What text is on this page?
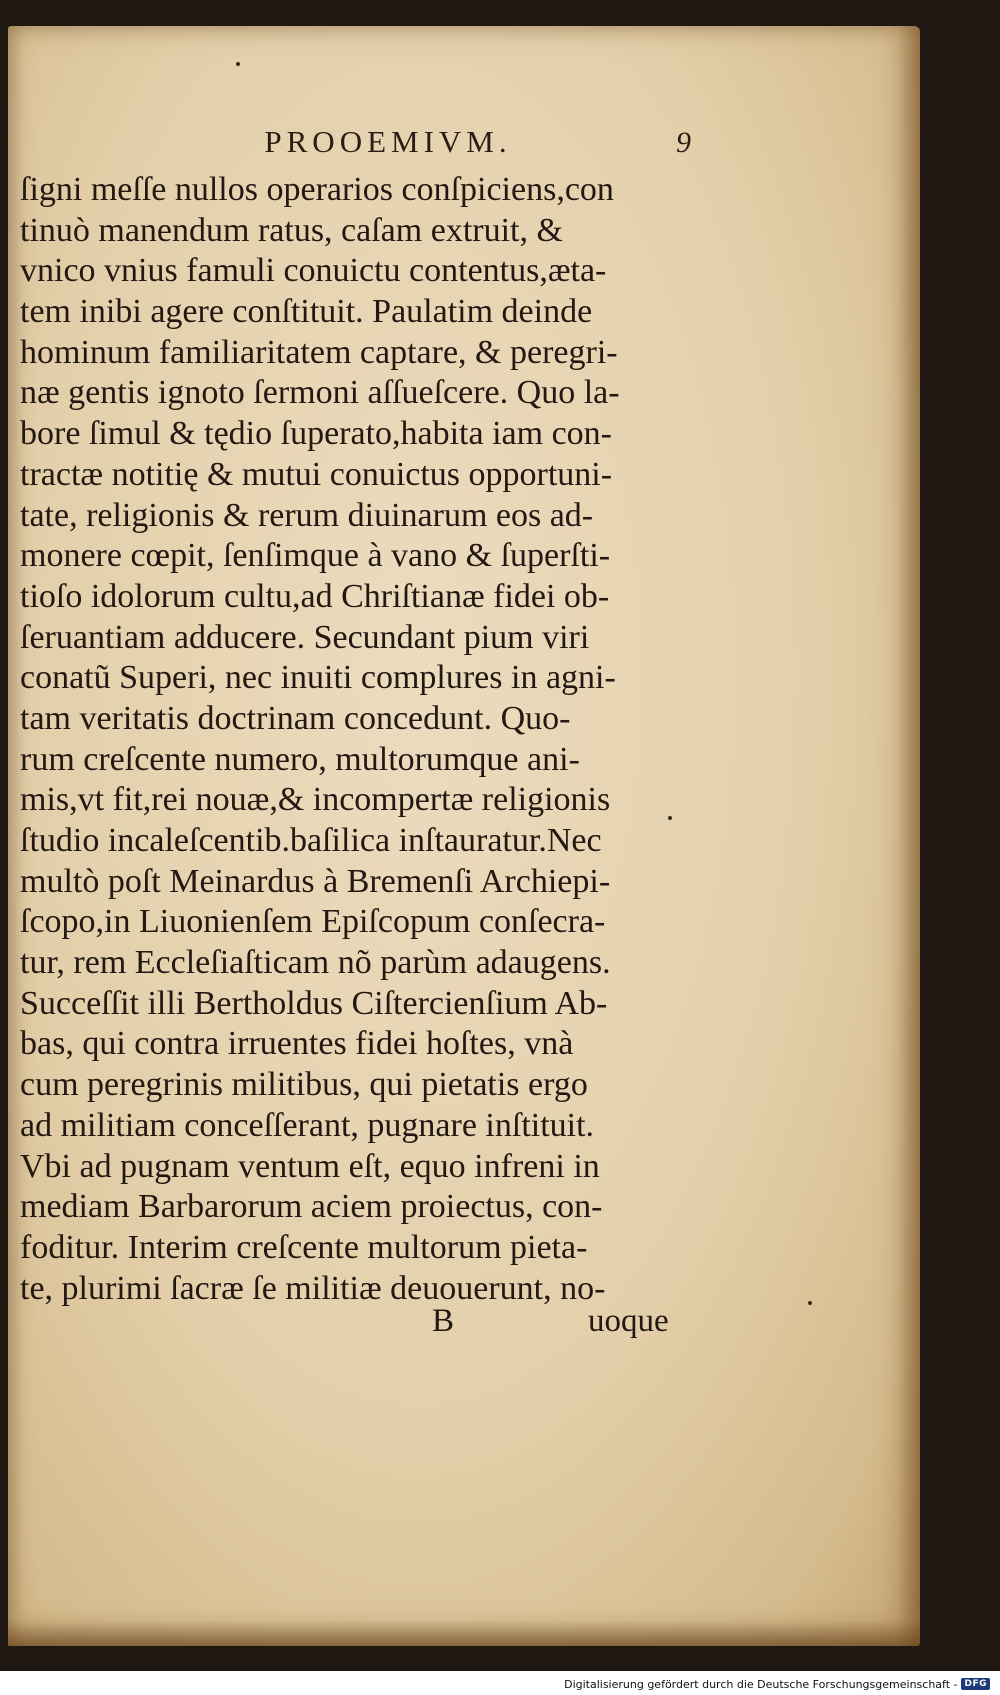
PROOEMIVM.	9
ſigni meſſe nullos operarios conſpiciens,con
tinuò manendum ratus, caſam extruit, &
vnico vnius famuli conuictu contentus,æta-
tem inibi agere conſtituit. Paulatim deinde
hominum familiaritatem captare, & peregri-
næ gentis ignoto ſermoni aſſueſcere. Quo la-
bore ſimul & tędio ſuperato,habita iam con-
tractæ notitię & mutui conuictus opportuni-
tate, religionis & rerum diuinarum eos ad-
monere cœpit, ſenſimque à vano & ſuperſti-
tioſo idolorum cultu,ad Chriſtianæ fidei ob-
ſeruantiam adducere. Secundant pium viri
conatũ Superi, nec inuiti complures in agni-
tam veritatis doctrinam concedunt. Quo-
rum creſcente numero, multorumque ani-
mis,vt fit,rei nouæ,& incompertæ religionis
ſtudio incaleſcentib.baſilica inſtauratur.Nec
multò poſt Meinardus à Bremenſi Archiepi-
ſcopo,in Liuonienſem Epiſcopum conſecra-
tur, rem Eccleſiaſticam nõ parùm adaugens.
Succeſſit illi Bertholdus Ciſtercienſium Ab-
bas, qui contra irruentes fidei hoſtes, vnà
cum peregrinis militibus, qui pietatis ergo
ad militiam conceſſerant, pugnare inſtituit.
Vbi ad pugnam ventum eſt, equo infreni in
mediam Barbarorum aciem proiectus, con-
foditur. Interim creſcente multorum pieta-
te, plurimi ſacræ ſe militiæ deuouerunt, no-
B	uoque
Digitalisierung gefördert durch die Deutsche Forschungsgemeinschaft - DFG
